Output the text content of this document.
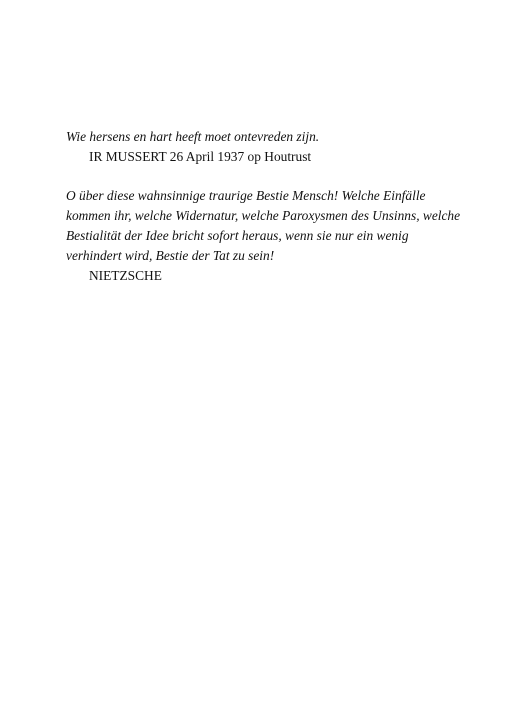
Wie hersens en hart heeft moet ontevreden zijn.

IR MUSSERT 26 April 1937 op Houtrust

O über diese wahnsinnige traurige Bestie Mensch! Welche Einfälle kommen ihr, welche Widernatur, welche Paroxysmen des Unsinns, welche Bestialität der Idee bricht sofort heraus, wenn sie nur ein wenig verhindert wird, Bestie der Tat zu sein!

NIETZSCHE
